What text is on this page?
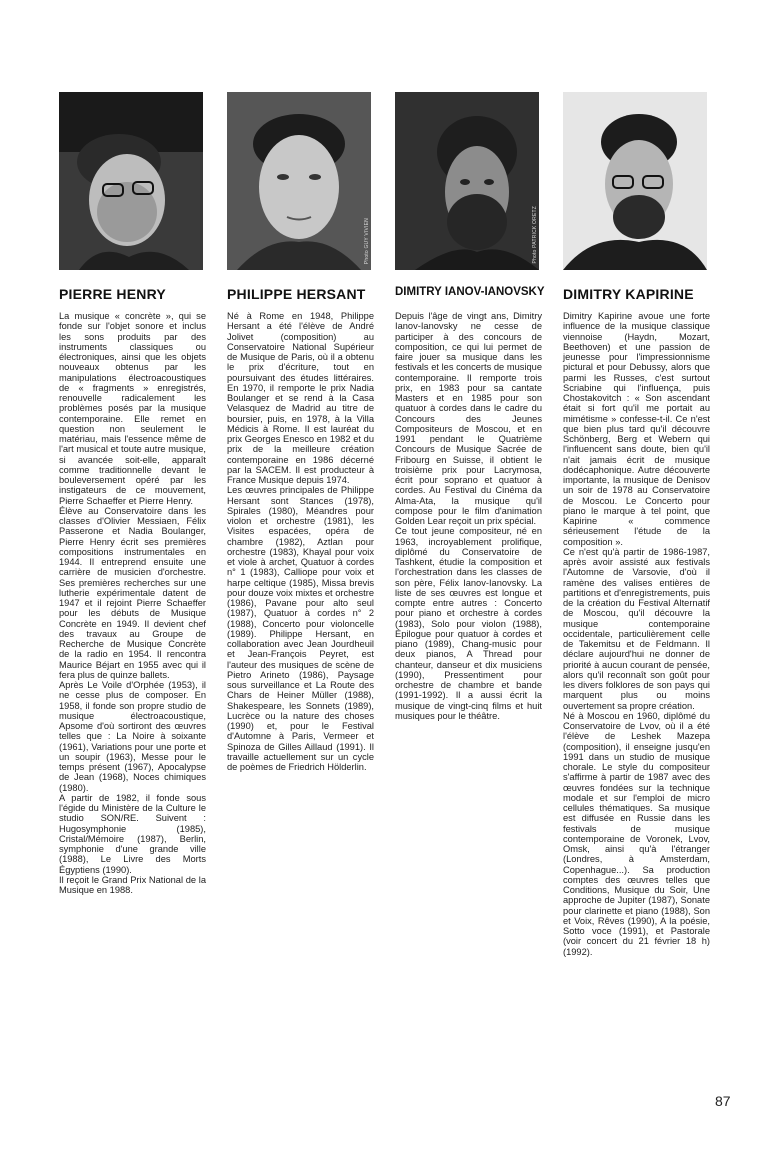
PIERRE HENRY
La musique « concrète », qui se fonde sur l'objet sonore et inclus les sons produits par des instruments classiques ou électroniques, ainsi que les objets nouveaux obtenus par les manipulations électroacoustiques de « fragments » enregistrés, renouvelle radicalement les problèmes posés par la musique contemporaine. Elle remet en question non seulement le matériau, mais l'essence même de l'art musical et toute autre musique, si avancée soit-elle, apparaît comme traditionnelle devant le bouleversement opéré par les instigateurs de ce mouvement, Pierre Schaeffer et Pierre Henry.
Élève au Conservatoire dans les classes d'Olivier Messiaen, Félix Passerone et Nadia Boulanger, Pierre Henry écrit ses premières compositions instrumentales en 1944. Il entreprend ensuite une carrière de musicien d'orchestre. Ses premières recherches sur une lutherie expérimentale datent de 1947 et il rejoint Pierre Schaeffer pour les débuts de Musique Concrète en 1949. Il devient chef des travaux au Groupe de Recherche de Musique Concrète de la radio en 1954. Il rencontra Maurice Béjart en 1955 avec qui il fera plus de quinze ballets.
Après Le Voile d'Orphée (1953), il ne cesse plus de composer. En 1958, il fonde son propre studio de musique électroacoustique, Apsome d'où sortiront des œuvres telles que : La Noire à soixante (1961), Variations pour une porte et un soupir (1963), Messe pour le temps présent (1967), Apocalypse de Jean (1968), Noces chimiques (1980).
A partir de 1982, il fonde sous l'égide du Ministère de la Culture le studio SON/RE. Suivent : Hugosymphonie (1985), Cristal/Mémoire (1987), Berlin, symphonie d'une grande ville (1988), Le Livre des Morts Égyptiens (1990).
Il reçoit le Grand Prix National de la Musique en 1988.
Photo GUY VIVIEN
PHILIPPE HERSANT
Né à Rome en 1948, Philippe Hersant a été l'élève de André Jolivet (composition) au Conservatoire National Supérieur de Musique de Paris, où il a obtenu le prix d'écriture, tout en poursuivant des études littéraires. En 1970, il remporte le prix Nadia Boulanger et se rend à la Casa Velasquez de Madrid au titre de boursier, puis, en 1978, à la Villa Médicis à Rome. Il est lauréat du prix Georges Enesco en 1982 et du prix de la meilleure création contemporaine en 1986 décerné par la SACEM. Il est producteur à France Musique depuis 1974.
Les œuvres principales de Philippe Hersant sont Stances (1978), Spirales (1980), Méandres pour violon et orchestre (1981), les Visites espacées, opéra de chambre (1982), Aztlan pour orchestre (1983), Khayal pour voix et viole à archet, Quatuor à cordes n° 1 (1983), Calliope pour voix et harpe celtique (1985), Missa brevis pour douze voix mixtes et orchestre (1986), Pavane pour alto seul (1987), Quatuor à cordes n° 2 (1988), Concerto pour violoncelle (1989). Philippe Hersant, en collaboration avec Jean Jourdheuil et Jean-François Peyret, est l'auteur des musiques de scène de Pietro Arineto (1986), Paysage sous surveillance et La Route des Chars de Heiner Müller (1988), Shakespeare, les Sonnets (1989), Lucrèce ou la nature des choses (1990) et, pour le Festival d'Automne à Paris, Vermeer et Spinoza de Gilles Aillaud (1991). Il travaille actuellement sur un cycle de poèmes de Friedrich Hölderlin.
Photo PATRICK ORETZ
DIMITRY IANOV-IANOVSKY
Depuis l'âge de vingt ans, Dimitry Ianov-Ianovsky ne cesse de participer à des concours de composition, ce qui lui permet de faire jouer sa musique dans les festivals et les concerts de musique contemporaine. Il remporte trois prix, en 1983 pour sa cantate Masters et en 1985 pour son quatuor à cordes dans le cadre du Concours des Jeunes Compositeurs de Moscou, et en 1991 pendant le Quatrième Concours de Musique Sacrée de Fribourg en Suisse, il obtient le troisième prix pour Lacrymosa, écrit pour soprano et quatuor à cordes. Au Festival du Cinéma da Alma-Ata, la musique qu'il compose pour le film d'animation Golden Lear reçoit un prix spécial.
Ce tout jeune compositeur, né en 1963, incroyablement prolifique, diplômé du Conservatoire de Tashkent, étudie la composition et l'orchestration dans les classes de son père, Félix Ianov-Ianovsky. La liste de ses œuvres est longue et compte entre autres : Concerto pour piano et orchestre à cordes (1983), Solo pour violon (1988), Épilogue pour quatuor à cordes et piano (1989), Chang-music pour deux pianos, A Thread pour chanteur, danseur et dix musiciens (1990), Pressentiment pour orchestre de chambre et bande (1991-1992). Il a aussi écrit la musique de vingt-cinq films et huit musiques pour le théâtre.
DIMITRY KAPIRINE
Dimitry Kapirine avoue une forte influence de la musique classique viennoise (Haydn, Mozart, Beethoven) et une passion de jeunesse pour l'impressionnisme pictural et pour Debussy, alors que parmi les Russes, c'est surtout Scriabine qui l'influença, puis Chostakovitch : « Son ascendant était si fort qu'il me portait au mimétisme » confesse-t-il. Ce n'est que bien plus tard qu'il découvre Schönberg, Berg et Webern qui l'influencent sans doute, bien qu'il n'ait jamais écrit de musique dodécaphonique. Autre découverte importante, la musique de Denisov un soir de 1978 au Conservatoire de Moscou. Le Concerto pour piano le marque à tel point, que Kapirine « commence sérieusement l'étude de la composition ».
Ce n'est qu'à partir de 1986-1987, après avoir assisté aux festivals l'Automne de Varsovie, d'où il ramène des valises entières de partitions et d'enregistrements, puis de la création du Festival Alternatif de Moscou, qu'il découvre la musique contemporaine occidentale, particulièrement celle de Takemitsu et de Feldmann. Il déclare aujourd'hui ne donner de priorité à aucun courant de pensée, alors qu'il reconnaît son goût pour les divers folklores de son pays qui marquent plus ou moins ouvertement sa propre création.
Né à Moscou en 1960, diplômé du Conservatoire de Lvov, où il a été l'élève de Leshek Mazepa (composition), il enseigne jusqu'en 1991 dans un studio de musique chorale. Le style du compositeur s'affirme à partir de 1987 avec des œuvres fondées sur la technique modale et sur l'emploi de micro cellules thématiques. Sa musique est diffusée en Russie dans les festivals de musique contemporaine de Voronek, Lvov, Omsk, ainsi qu'à l'étranger (Londres, à Amsterdam, Copenhague...). Sa production comptes des œuvres telles que Conditions, Musique du Soir, Une approche de Jupiter (1987), Sonate pour clarinette et piano (1988), Son et Voix, Rêves (1990), A la poésie, Sotto voce (1991), et Pastorale (voir concert du 21 février 18 h) (1992).
87
